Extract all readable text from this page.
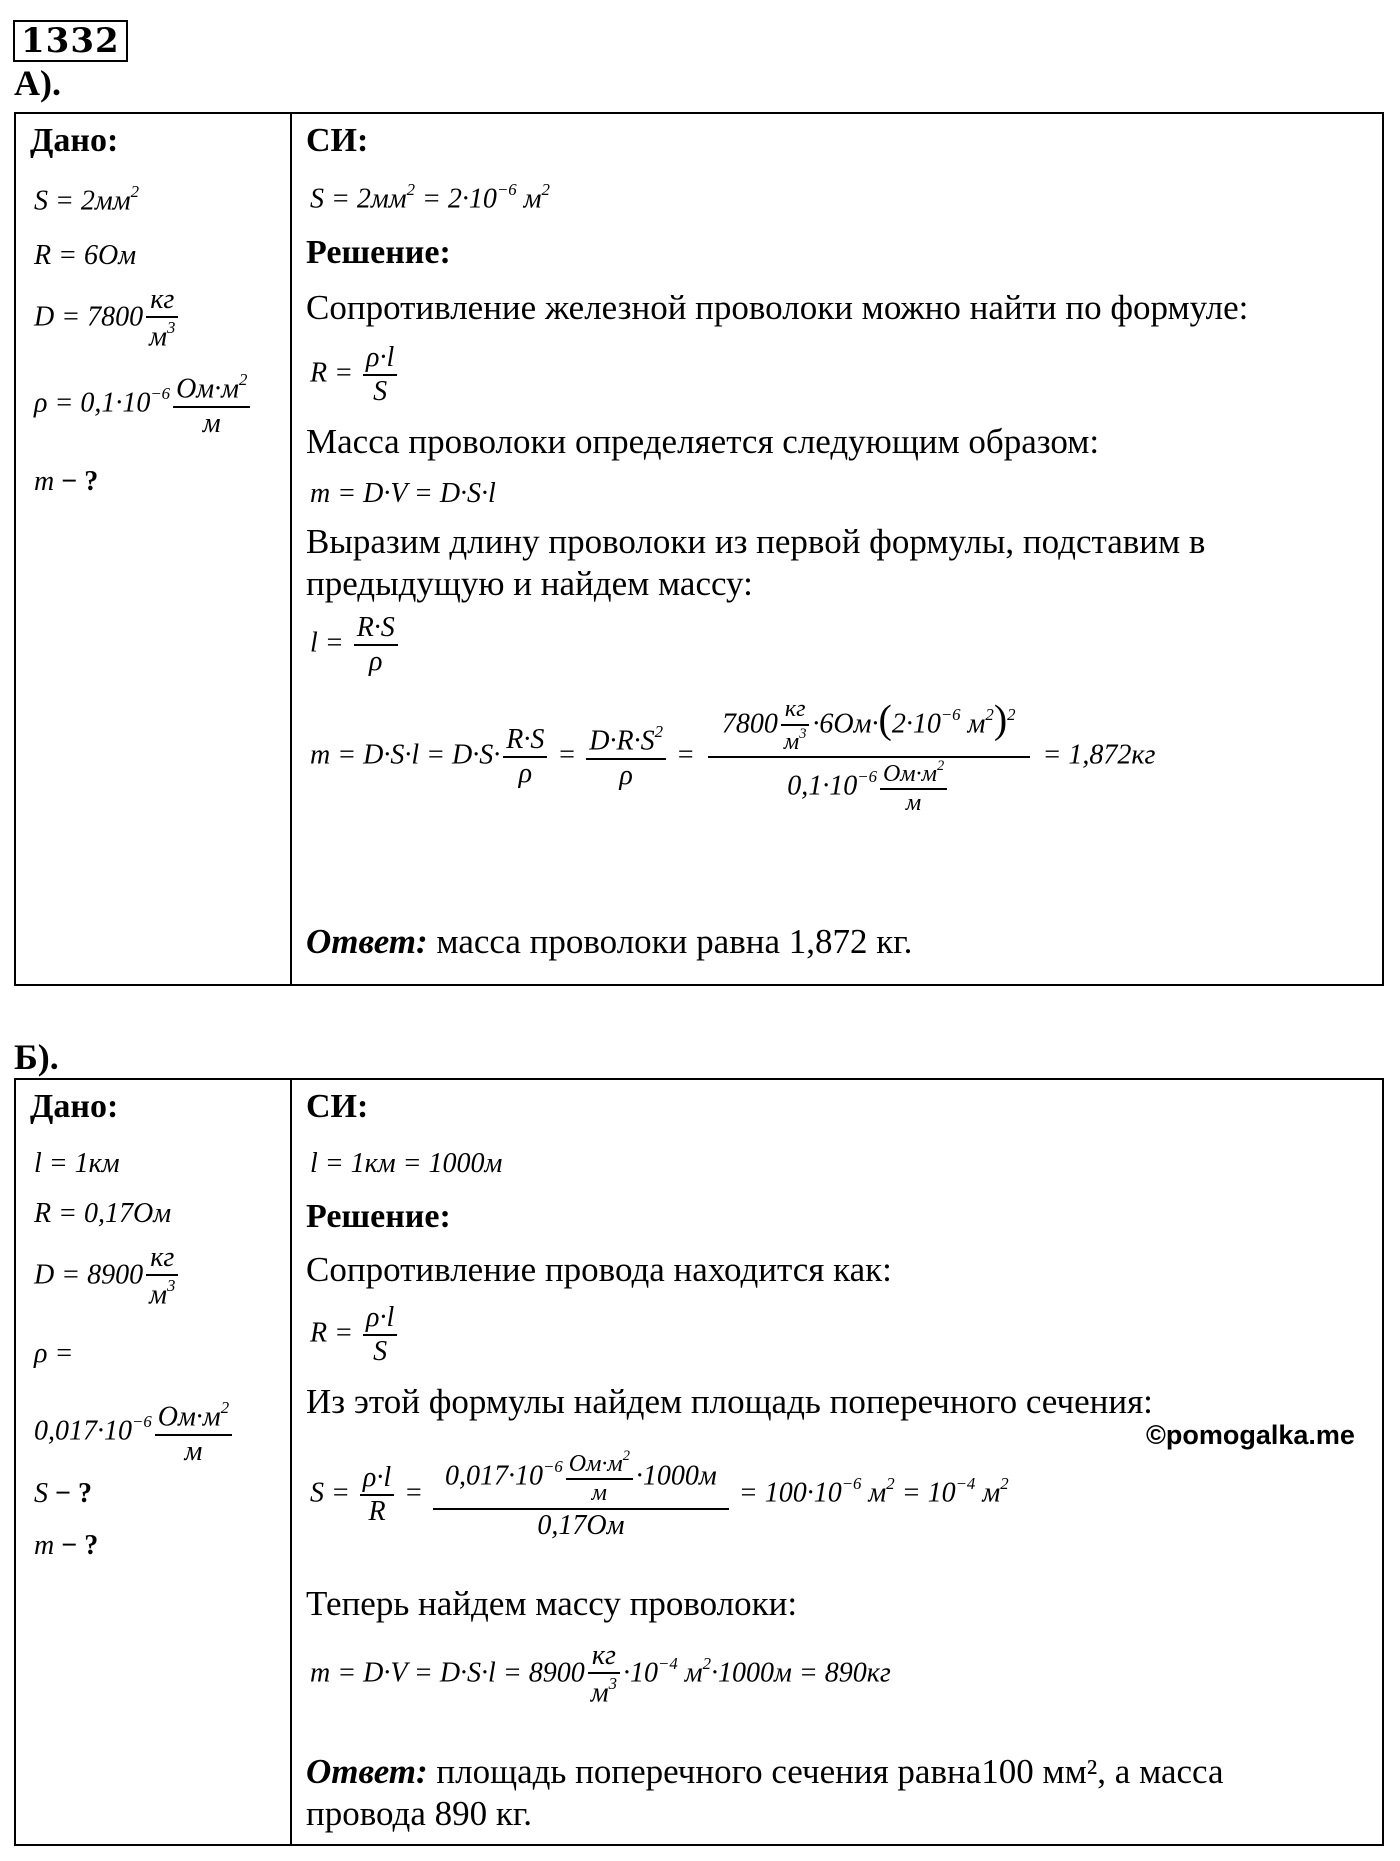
1332
А).
Дано:
$S = 2мм^2$
R = 6Ом
$D = 7800 \frac{кг}{м^3}$
$\rho = 0,1\cdot 10^{-6} \frac{Ом\cdot м^2}{м}$
m − ?
СИ:
$S = 2мм^2 = 2\cdot 10^{-6}$ $м^2$
Решение:
Сопротивление железной проволоки можно найти по формуле:
$R = \frac{\rho\cdot l}{S}$
Масса проволоки определяется следующим образом:
m = D·V = D·S·l
Выразим длину проволоки из первой формулы, подставим в
предыдущую и найдем массу:
$l = \frac{R\cdot S}{\rho}$
$m = D\cdot S\cdot l = D\cdot S\cdot \frac{R\cdot S}{\rho} = \frac{D\cdot R\cdot S^2}{\rho} = \frac{7800 \frac{кг}{м^3} \cdot 6Ом\cdot(2\cdot 10^{-6} м^2)^2}{0,1\cdot 10^{-6} \frac{Ом\cdot м^2}{м}} = 1,872кг$
Ответ: масса проволоки равна 1,872 кг.
Б).
Дано:
l = 1км
R = 0,17Ом
$D = 8900 \frac{кг}{м^3}$
ρ =
$0,017\cdot 10^{-6} \frac{Ом\cdot м^2}{м}$
S − ?
m − ?
СИ:
l = 1км = 1000м
Решение:
Сопротивление провода находится как:
$R = \frac{\rho\cdot l}{S}$
Из этой формулы найдем площадь поперечного сечения:
$S = \frac{\rho\cdot l}{R} = \frac{0,017\cdot 10^{-6} \frac{Ом\cdot м^2}{м} \cdot 1000м}{0,17Ом} = 100\cdot 10^{-6}$ $м^2 = 10^{-4}$ $м^2$
Теперь найдем массу проволоки:
$m = D\cdot V = D\cdot S\cdot l = 8900 \frac{кг}{м^3} \cdot 10^{-4}$ $м^2\cdot 1000м = 890кг$
Ответ: площадь поперечного сечения равна100 мм², а масса
провода 890 кг.
©pomogalka.me
